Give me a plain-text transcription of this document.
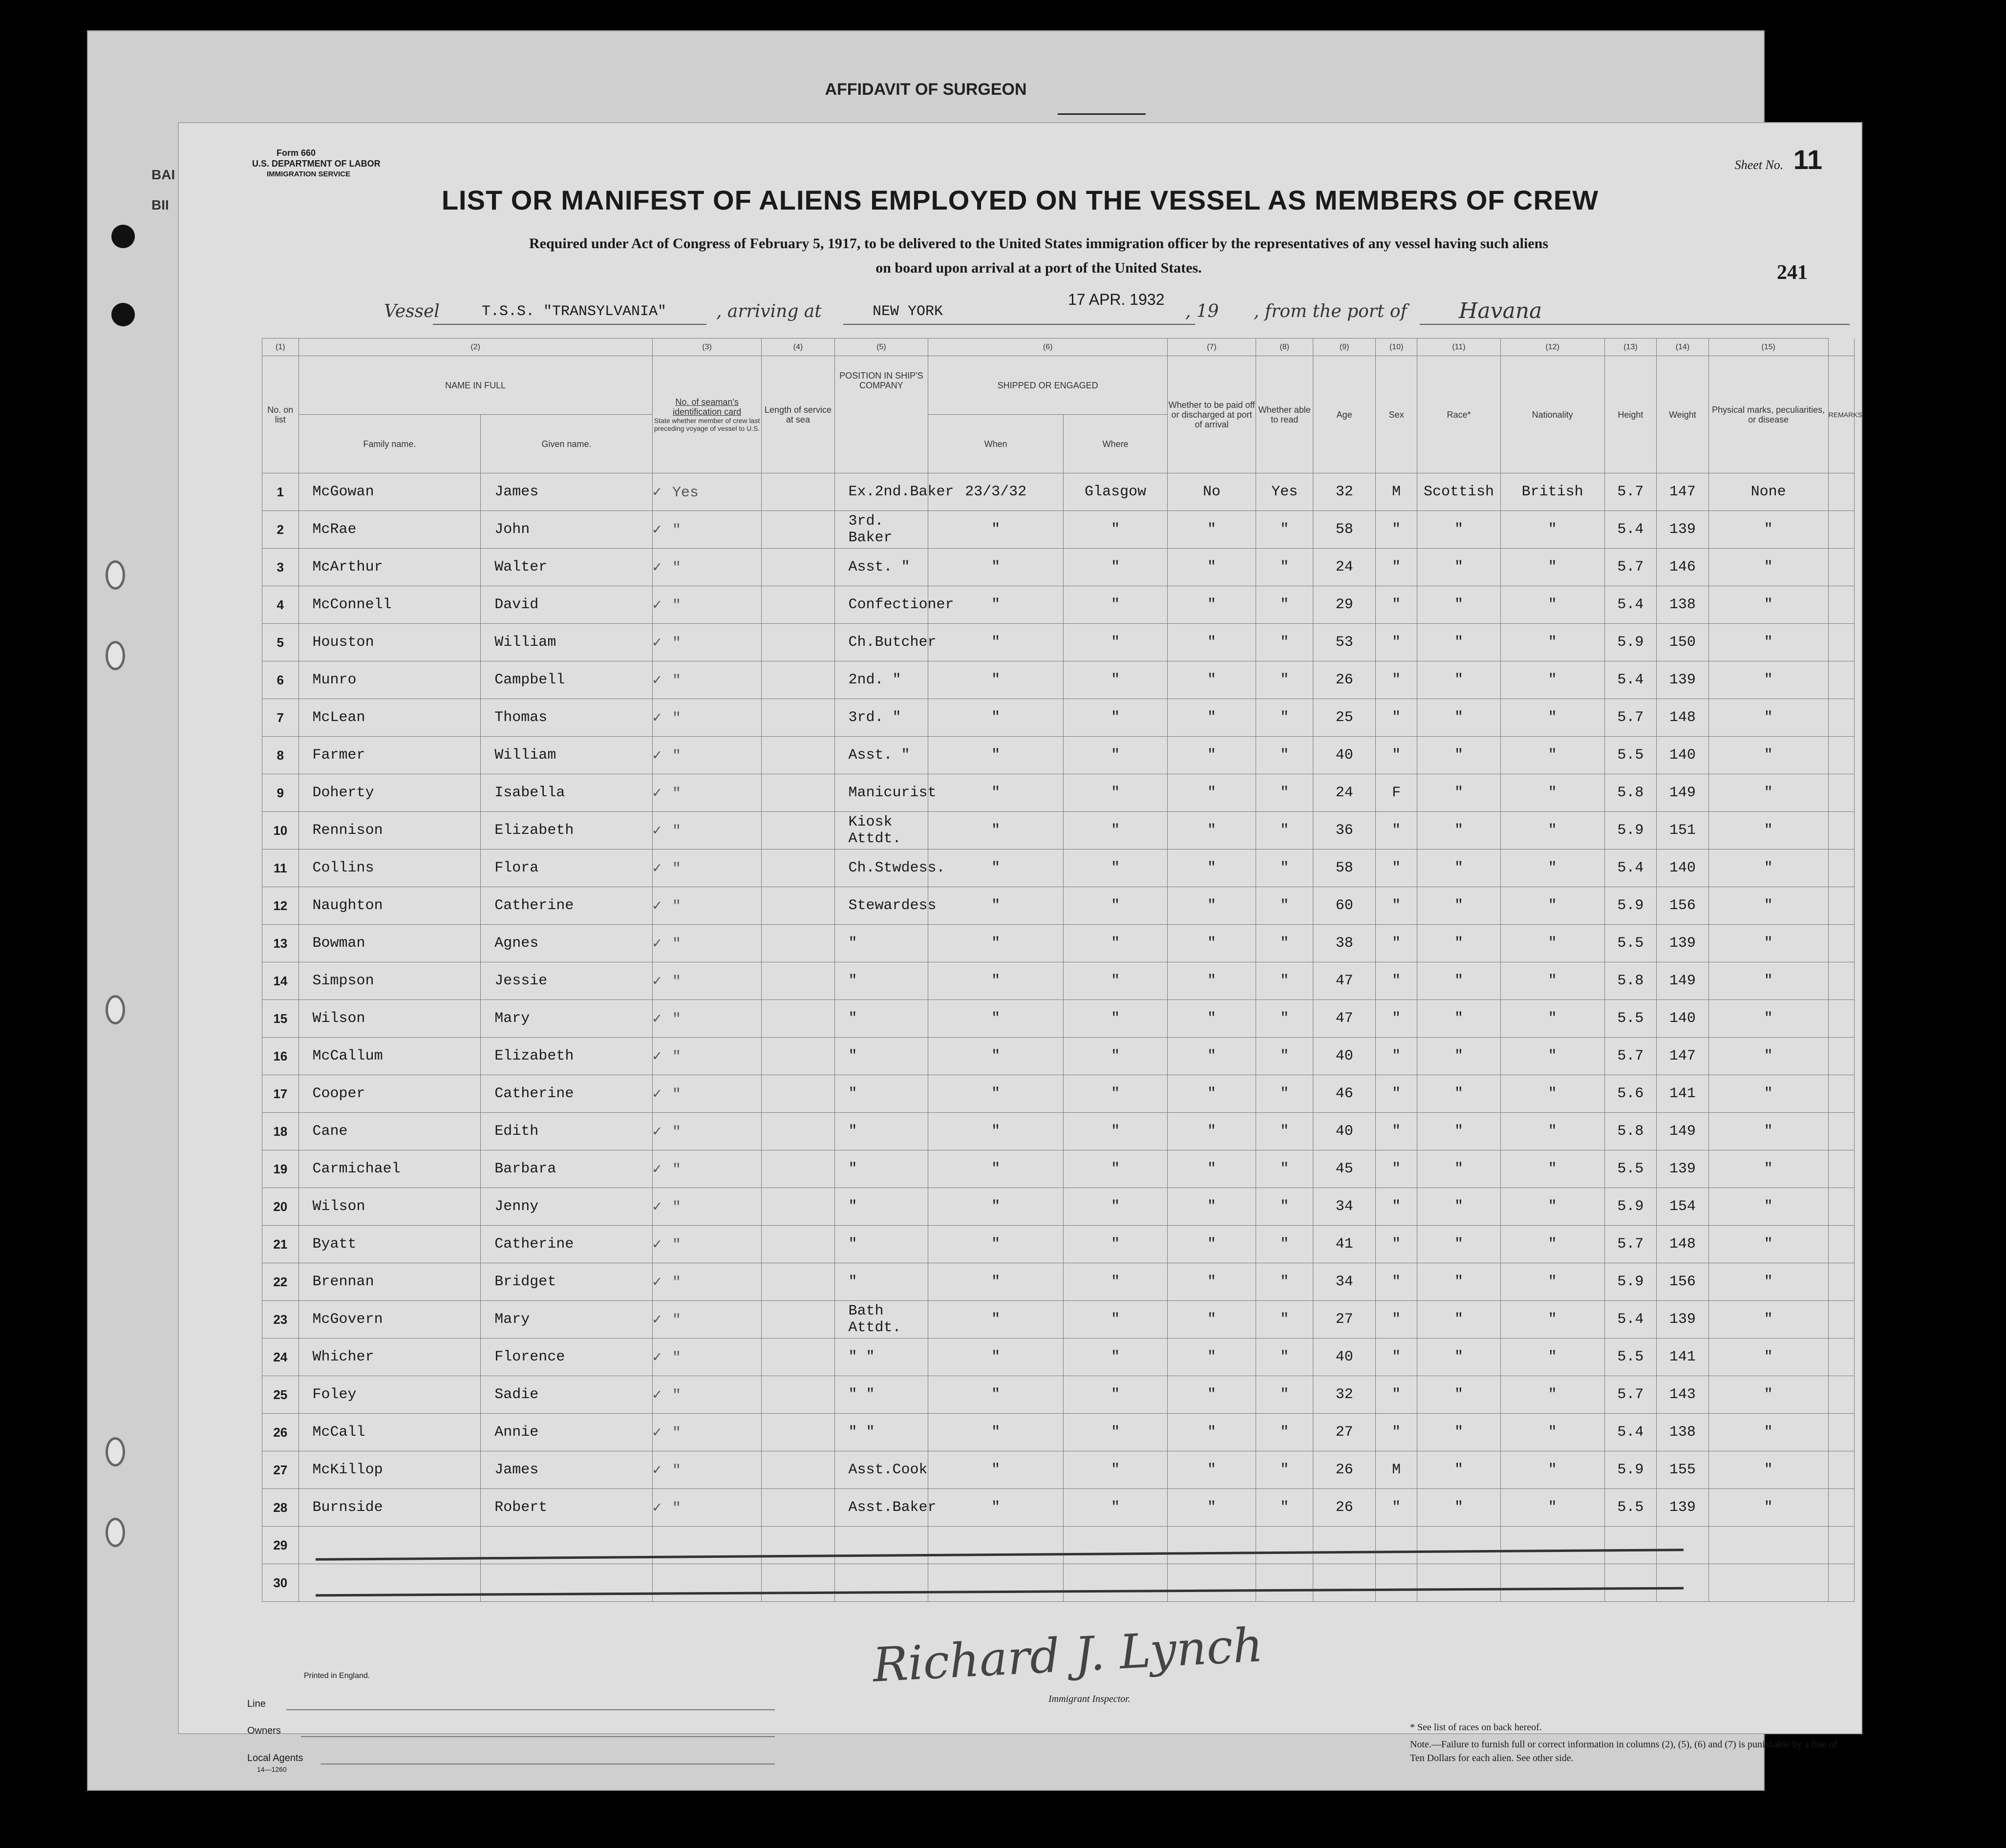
AFFIDAVIT OF SURGEON
BAI
BII
Form 660
U.S. DEPARTMENT OF LABOR
IMMIGRATION SERVICE
Sheet No. 11
LIST OR MANIFEST OF ALIENS EMPLOYED ON THE VESSEL AS MEMBERS OF CREW
Required under Act of Congress of February 5, 1917, to be delivered to the United States immigration officer by the representatives of any vessel having such aliens
on board upon arrival at a port of the United States.	241
Vessel	T.S.S. "TRANSYLVANIA"	, arriving at	NEW YORK
17 APR. 1932
, 19 , from the port of Havana
(1)	(2)		(3)	(4)	(5)	(6)		(7)	(8)	(9)	(10)	(11)	(12)	(13)	(14)	(15)	
No. on list	NAME IN FULL		No. of seaman's identification card
State whether member of crew last preceding voyage of vessel to U.S.	Length of service at sea	POSITION IN SHIP'S COMPANY	SHIPPED OR ENGAGED		Whether to be paid off or discharged at port of arrival	Whether able to read	Age	Sex	Race*	Nationality	Height	Weight	Physical marks, peculiarities, or disease	REMARKS
	Family name.	Given name.				When	Where										
1	McGowan	James	✓ Yes		Ex.2nd.Baker	23/3/32	Glasgow	No	Yes	32	M	Scottish	British	5.7	147	None	
2	McRae	John	✓ "		3rd. Baker	"	"	"	"	58	"	"	"	5.4	139	"	
3	McArthur	Walter	✓ "		Asst. "	"	"	"	"	24	"	"	"	5.7	146	"	
4	McConnell	David	✓ "		Confectioner	"	"	"	"	29	"	"	"	5.4	138	"	
5	Houston	William	✓ "		Ch.Butcher	"	"	"	"	53	"	"	"	5.9	150	"	
6	Munro	Campbell	✓ "		2nd. "	"	"	"	"	26	"	"	"	5.4	139	"	
7	McLean	Thomas	✓ "		3rd. "	"	"	"	"	25	"	"	"	5.7	148	"	
8	Farmer	William	✓ "		Asst. "	"	"	"	"	40	"	"	"	5.5	140	"	
9	Doherty	Isabella	✓ "		Manicurist	"	"	"	"	24	F	"	"	5.8	149	"	
10	Rennison	Elizabeth	✓ "		Kiosk Attdt.	"	"	"	"	36	"	"	"	5.9	151	"	
11	Collins	Flora	✓ "		Ch.Stwdess.	"	"	"	"	58	"	"	"	5.4	140	"	
12	Naughton	Catherine	✓ "		Stewardess	"	"	"	"	60	"	"	"	5.9	156	"	
13	Bowman	Agnes	✓ "		"	"	"	"	"	38	"	"	"	5.5	139	"	
14	Simpson	Jessie	✓ "		"	"	"	"	"	47	"	"	"	5.8	149	"	
15	Wilson	Mary	✓ "		"	"	"	"	"	47	"	"	"	5.5	140	"	
16	McCallum	Elizabeth	✓ "		"	"	"	"	"	40	"	"	"	5.7	147	"	
17	Cooper	Catherine	✓ "		"	"	"	"	"	46	"	"	"	5.6	141	"	
18	Cane	Edith	✓ "		"	"	"	"	"	40	"	"	"	5.8	149	"	
19	Carmichael	Barbara	✓ "		"	"	"	"	"	45	"	"	"	5.5	139	"	
20	Wilson	Jenny	✓ "		"	"	"	"	"	34	"	"	"	5.9	154	"	
21	Byatt	Catherine	✓ "		"	"	"	"	"	41	"	"	"	5.7	148	"	
22	Brennan	Bridget	✓ "		"	"	"	"	"	34	"	"	"	5.9	156	"	
23	McGovern	Mary	✓ "		Bath Attdt.	"	"	"	"	27	"	"	"	5.4	139	"	
24	Whicher	Florence	✓ "		" "	"	"	"	"	40	"	"	"	5.5	141	"	
25	Foley	Sadie	✓ "		" "	"	"	"	"	32	"	"	"	5.7	143	"	
26	McCall	Annie	✓ "		" "	"	"	"	"	27	"	"	"	5.4	138	"	
27	McKillop	James	✓ "		Asst.Cook	"	"	"	"	26	M	"	"	5.9	155	"	
28	Burnside	Robert	✓ "		Asst.Baker	"	"	"	"	26	"	"	"	5.5	139	"	
29																	
30																	
Printed in England.
Line
Owners
Local Agents
14—1260
Richard J. Lynch
Immigrant Inspector.
* See list of races on back hereof.
Note.—Failure to furnish full or correct information in columns (2), (5), (6) and (7) is punishable by a fine of Ten Dollars for each alien. See other side.
